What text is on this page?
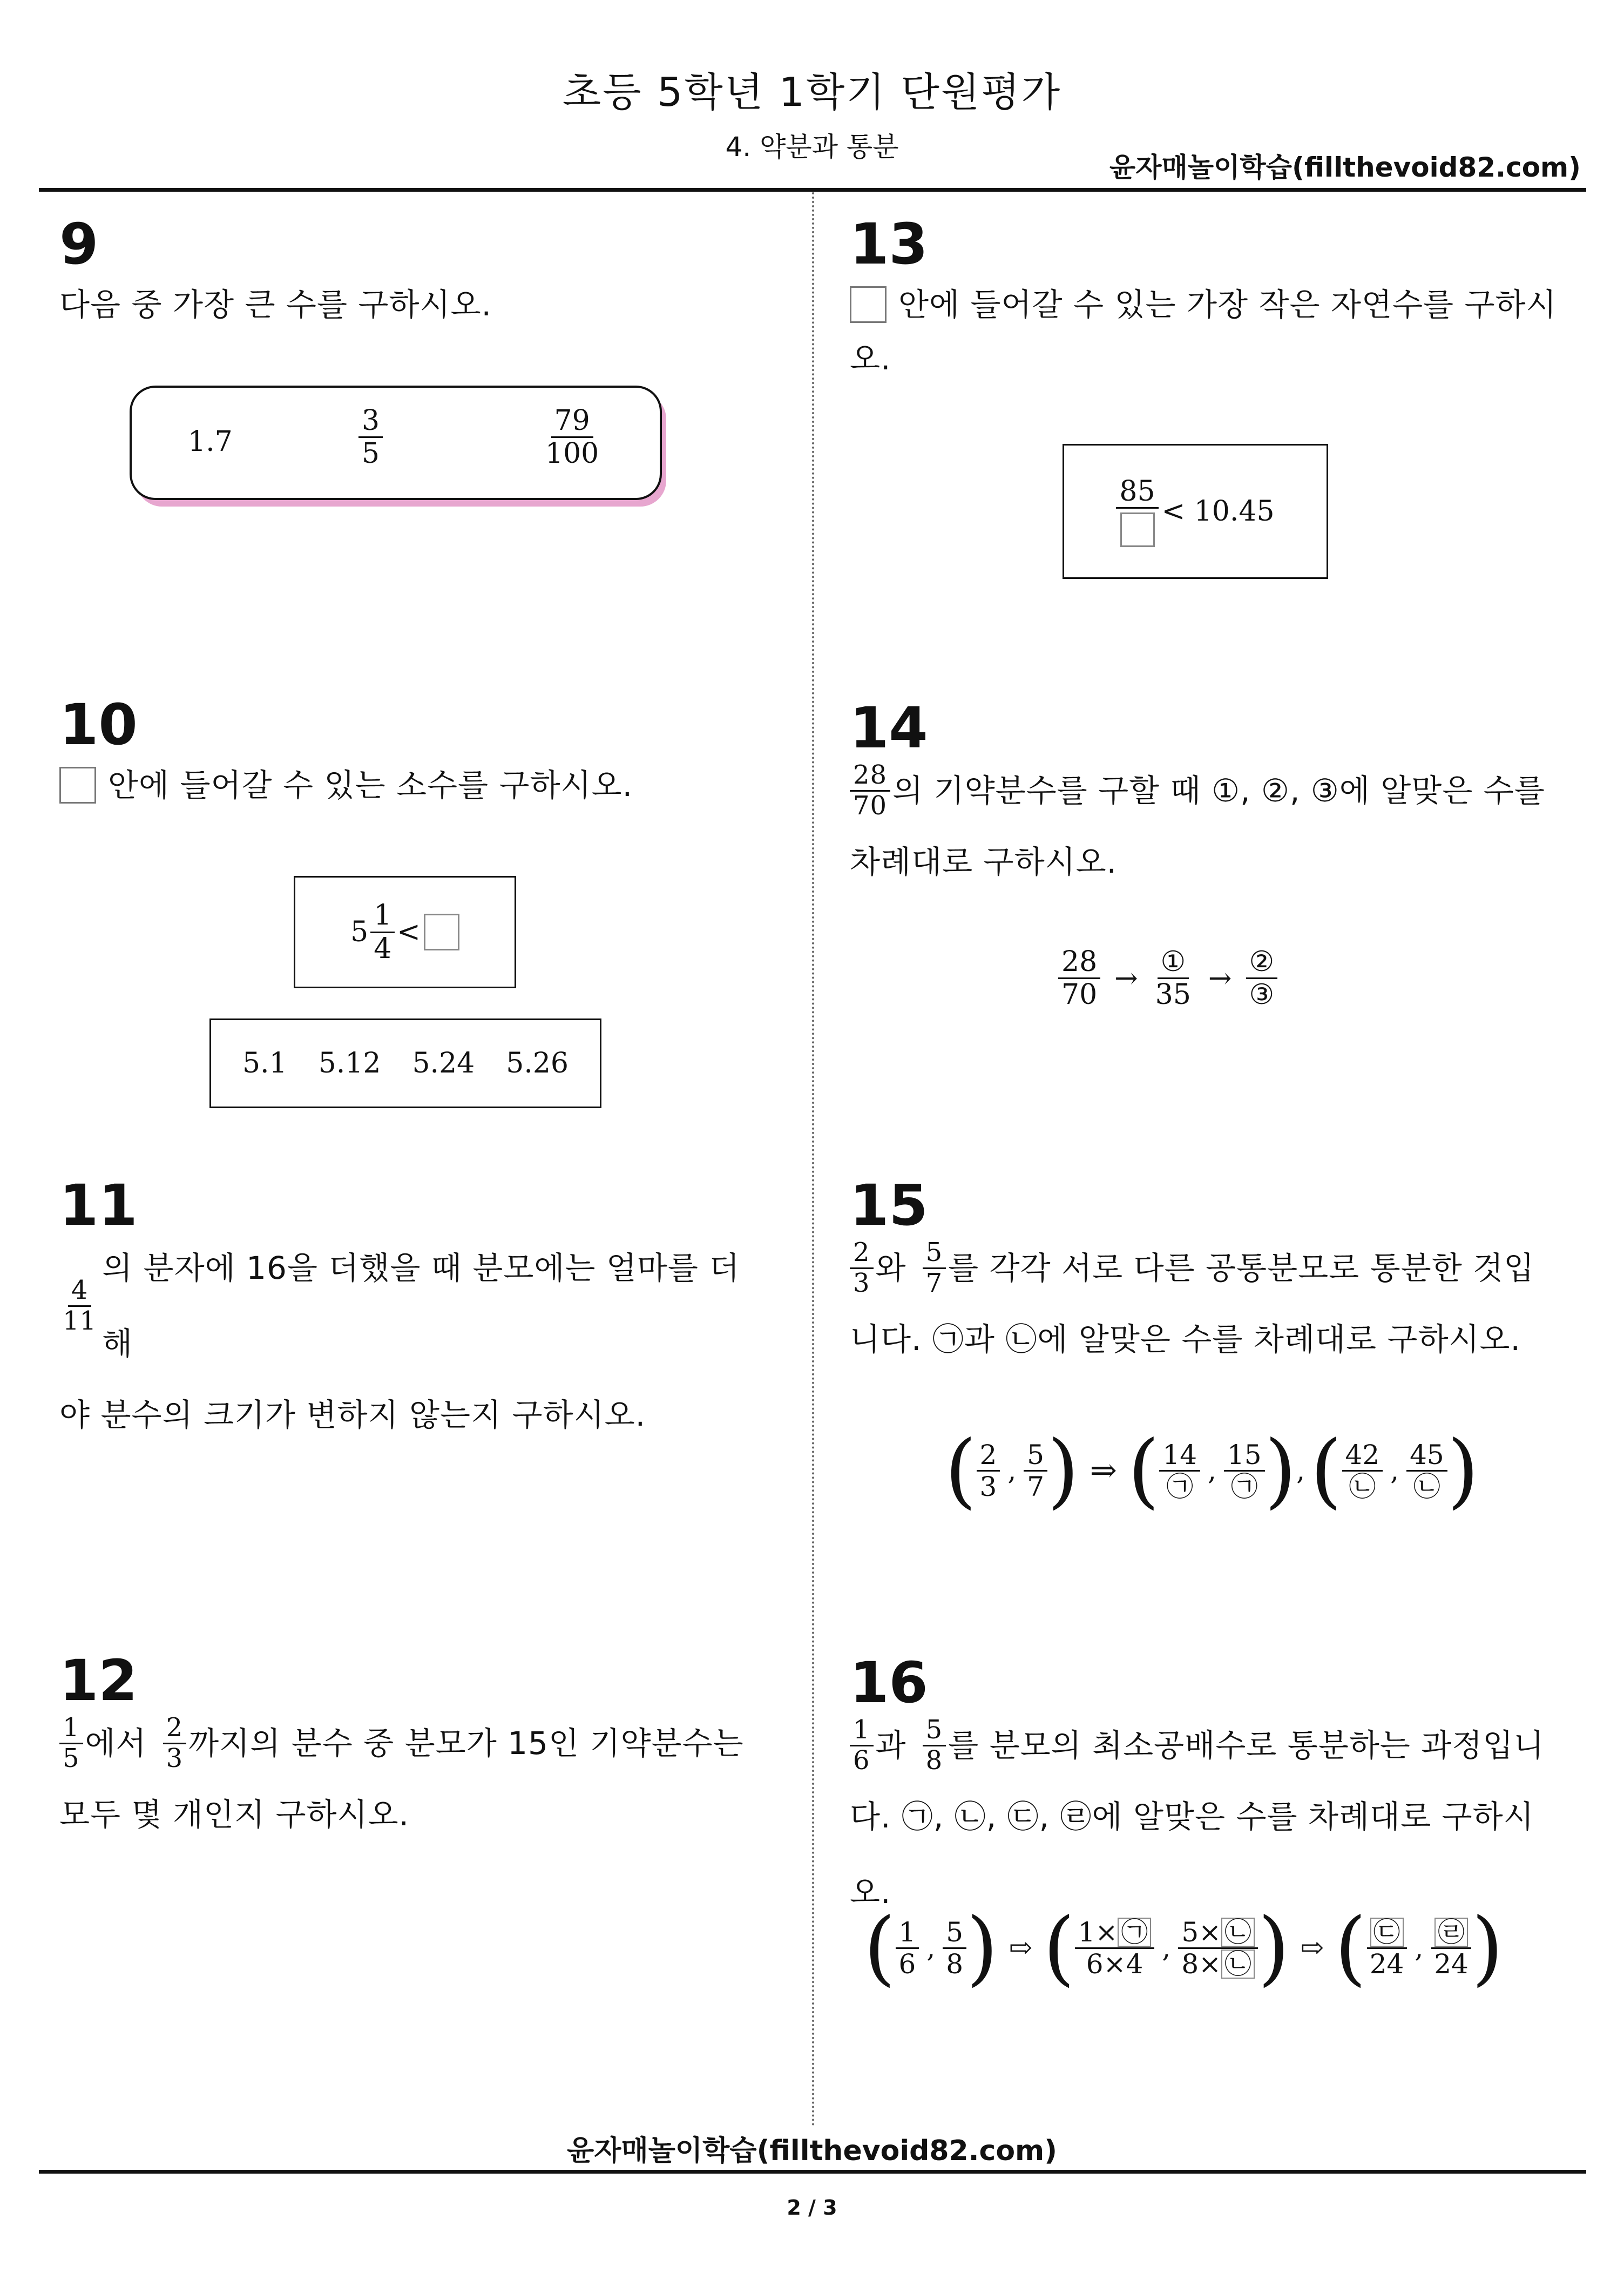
초등 5학년 1학기 단원평가
4. 약분과 통분
윤자매놀이학습(fillthevoid82.com)
9
다음 중 가장 큰 수를 구하시오.
1.7	$\frac{3}{5}$	$\frac{79}{100}$
10
안에 들어갈 수 있는 소수를 구하시오.
$5 \frac{1}{4}$ <
5.1 5.12 5.24 5.26
11
$\frac{4}{11}$
의 분자에 16을 더했을 때 분모에는 얼마를 더해
야 분수의 크기가 변하지 않는지 구하시오.
12
$\frac{1}{5}$ 에서 $\frac{2}{3}$ 까지의 분수 중 분모가 15인 기약분수는
모두 몇 개인지 구하시오.
13
안에 들어갈 수 있는 가장 작은 자연수를 구하시
오.
85
< 10.45
14
$\frac{28}{70}$ 의 기약분수를 구할 때 ①, ②, ③에 알맞은 수를
차례대로 구하시오.
$\frac{28}{70} \to \frac{\text{①}}{35} \to \frac{\text{②}}{\text{③}}$
15
$\frac{2}{3}$ 와 $\frac{5}{7}$ 를 각각 서로 다른 공통분모로 통분한 것입
니다. ㉠과 ㉡에 알맞은 수를 차례대로 구하시오.
( $\frac{2}{3}$ , $\frac{5}{7}$ ) ⇒ ( $\frac{14}{㉠}$ , $\frac{15}{㉠}$ ) , ( $\frac{42}{㉡}$ , $\frac{45}{㉡}$ )
16
$\frac{1}{6}$ 과 $\frac{5}{8}$ 를 분모의 최소공배수로 통분하는 과정입니
다. ㉠, ㉡, ㉢, ㉣에 알맞은 수를 차례대로 구하시오.
( $\frac{1}{6}$ , $\frac{5}{8}$ ) ⇨ ( $\frac{1\times ㉠}{6\times 4}$ , $\frac{5\times ㉡}{8\times ㉡}$ ) ⇨ ( $\frac{㉢}{24}$ , $\frac{㉣}{24}$ )
윤자매놀이학습(fillthevoid82.com)
2 / 3
